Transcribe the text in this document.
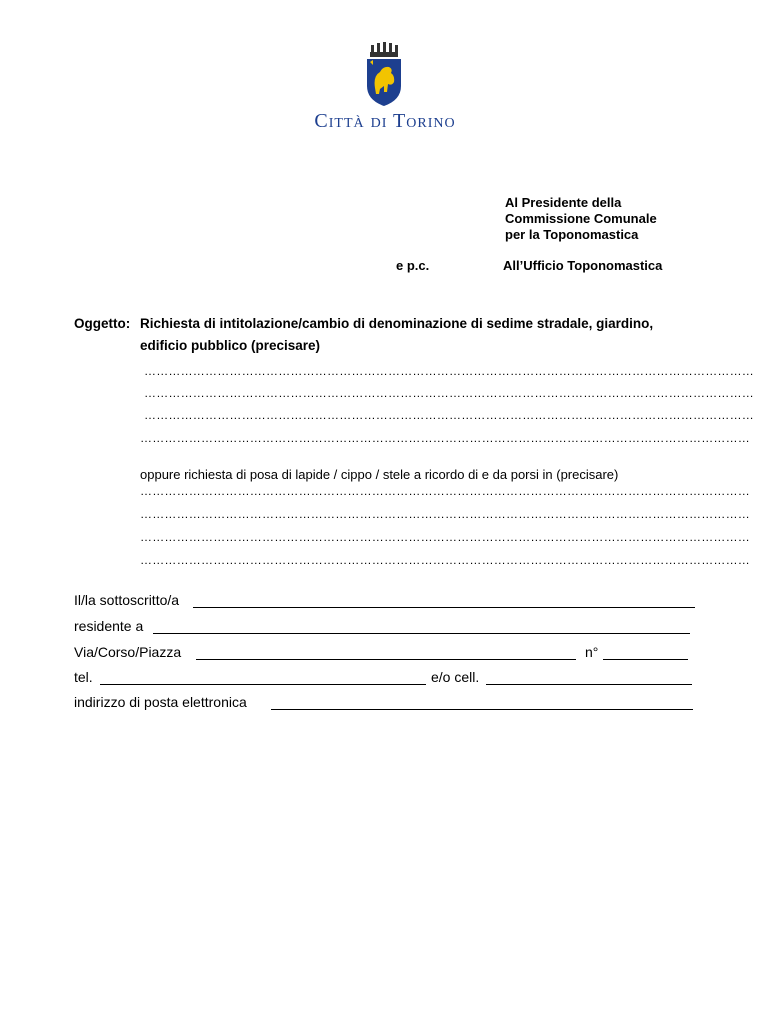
Città di Torino
Al Presidente della
Commissione Comunale
per la Toponomastica
e p.c.	All’Ufficio Toponomastica
Oggetto: Richiesta di intitolazione/cambio di denominazione di sedime stradale, giardino,
edificio pubblico (precisare)
……………………………………………………………………………………………………………………………………
……………………………………………………………………………………………………………………………………
……………………………………………………………………………………………………………………………………
……………………………………………………………………………………………………………………………………
oppure richiesta di posa di lapide / cippo / stele a ricordo di e da porsi in (precisare)
……………………………………………………………………………………………………………………………………
……………………………………………………………………………………………………………………………………
……………………………………………………………………………………………………………………………………
……………………………………………………………………………………………………………………………………
Il/la sottoscritto/a
residente a
Via/Corso/Piazza	n°
tel.	e/o cell.
indirizzo di posta elettronica
